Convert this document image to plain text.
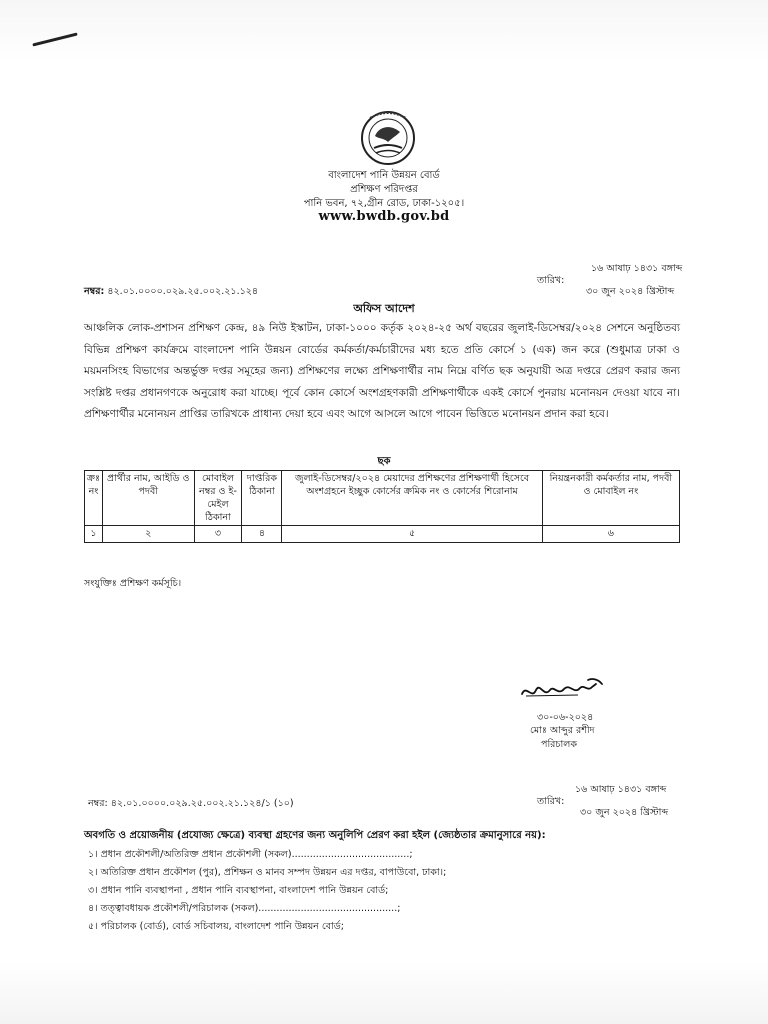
বাংলাদেশ পানি উন্নয়ন বোর্ড
প্রশিক্ষণ পরিদপ্তর
পানি ভবন, ৭২,গ্রীন রোড, ঢাকা-১২০৫।
www.bwdb.gov.bd
১৬ আষাঢ় ১৪৩১ বঙ্গাব্দ
তারিখ:
৩০ জুন ২০২৪ খ্রিস্টাব্দ
নম্বর: ৪২.০১.০০০০.০২৯.২৫.০০২.২১.১২৪
অফিস আদেশ

আঞ্চলিক লোক-প্রশাসন প্রশিক্ষণ কেন্দ্র, ৪৯ নিউ ইস্কাটন, ঢাকা-১০০০ কর্তৃক ২০২৪-২৫ অর্থ বছরের জুলাই-ডিসেম্বর/২০২৪ সেশনে অনুষ্ঠিতব্য বিভিন্ন প্রশিক্ষণ কার্যক্রমে বাংলাদেশ পানি উন্নয়ন বোর্ডের কর্মকর্তা/কর্মচারীদের মধ্য হতে প্রতি কোর্সে ১ (এক) জন করে (শুধুমাত্র ঢাকা ও ময়মনসিংহ বিভাগের অন্তর্ভুক্ত দপ্তর সমূহের জন্য) প্রশিক্ষণের লক্ষ্যে প্রশিক্ষণার্থীর নাম নিম্নে বর্ণিত ছক অনুযায়ী অত্র দপ্তরে প্রেরণ করার জন্য সংশ্লিষ্ট দপ্তর প্রধানগণকে অনুরোধ করা যাচ্ছে। পূর্বে কোন কোর্সে অংশগ্রহণকারী প্রশিক্ষণার্থীকে একই কোর্সে পুনরায় মনোনয়ন দেওয়া যাবে না। প্রশিক্ষণার্থীর মনোনয়ন প্রাপ্তির তারিখকে প্রাধান্য দেয়া হবে এবং আগে আসলে আগে পাবেন ভিত্তিতে মনোনয়ন প্রদান করা হবে।

ছক
ক্রঃ নং	প্রার্থীর নাম, আইডি ও পদবী	মোবাইল নম্বর ও ই-মেইল ঠিকানা	দাপ্তরিক ঠিকানা	জুলাই-ডিসেম্বর/২০২৪ মেয়াদের প্রশিক্ষণের প্রশিক্ষণার্থী হিসেবে অংশগ্রহনে ইচ্ছুক কোর্সের ক্রমিক নং ও কোর্সের শিরোনাম	নিয়ন্ত্রনকারী কর্মকর্তার নাম, পদবী ও মোবাইল নং
১	২	৩	৪	৫	৬
সংযুক্তিঃ প্রশিক্ষণ কর্মসূচি।
৩০-০৬-২০২৪
মোঃ আব্দুর রশীদ
পরিচালক
১৬ আষাঢ় ১৪৩১ বঙ্গাব্দ
তারিখ:
৩০ জুন ২০২৪ খ্রিস্টাব্দ
নম্বর: ৪২.০১.০০০০.০২৯.২৫.০০২.২১.১২৪/১ (১০)
অবগতি ও প্রয়োজনীয় (প্রযোজ্য ক্ষেত্রে) ব্যবস্থা গ্রহণের জন্য অনুলিপি প্রেরণ করা হইল (জ্যেষ্ঠতার ক্রমানুসারে নয়):
১। প্রধান প্রকৌশলী/অতিরিক্ত প্রধান প্রকৌশলী (সকল).......................................;
২। অতিরিক্ত প্রধান প্রকৌশল (পুর), প্রশিক্ষন ও মানব সম্পদ উন্নয়ন এর দপ্তর, বাপাউবো, ঢাকা।;
৩। প্রধান পানি ব্যবস্থাপনা , প্রধান পানি ব্যবস্থাপনা, বাংলাদেশ পানি উন্নয়ন বোর্ড;
৪। তত্ত্বাবধায়ক প্রকৌশলী/পরিচালক (সকল)..............................................;
৫। পরিচালক (বোর্ড), বোর্ড সচিবালয়, বাংলাদেশ পানি উন্নয়ন বোর্ড;
